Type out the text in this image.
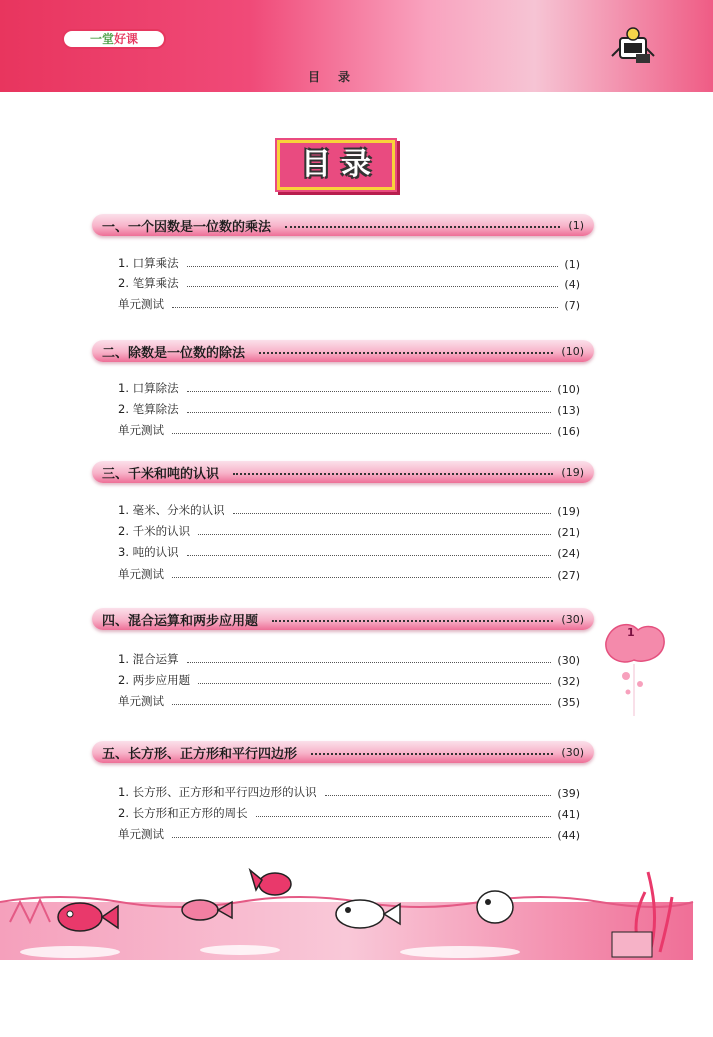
一堂好课
目录
目录
一、一个因数是一位数的乘法	(1)
1. 口算乘法	(1)
2. 笔算乘法	(4)
单元测试	(7)
二、除数是一位数的除法	(10)
1. 口算除法	(10)
2. 笔算除法	(13)
单元测试	(16)
三、千米和吨的认识	(19)
1. 毫米、分米的认识	(19)
2. 千米的认识	(21)
3. 吨的认识	(24)
单元测试	(27)
四、混合运算和两步应用题	(30)
1. 混合运算	(30)
2. 两步应用题	(32)
单元测试	(35)
五、长方形、正方形和平行四边形	(30)
1. 长方形、正方形和平行四边形的认识	(39)
2. 长方形和正方形的周长	(41)
单元测试	(44)
1
